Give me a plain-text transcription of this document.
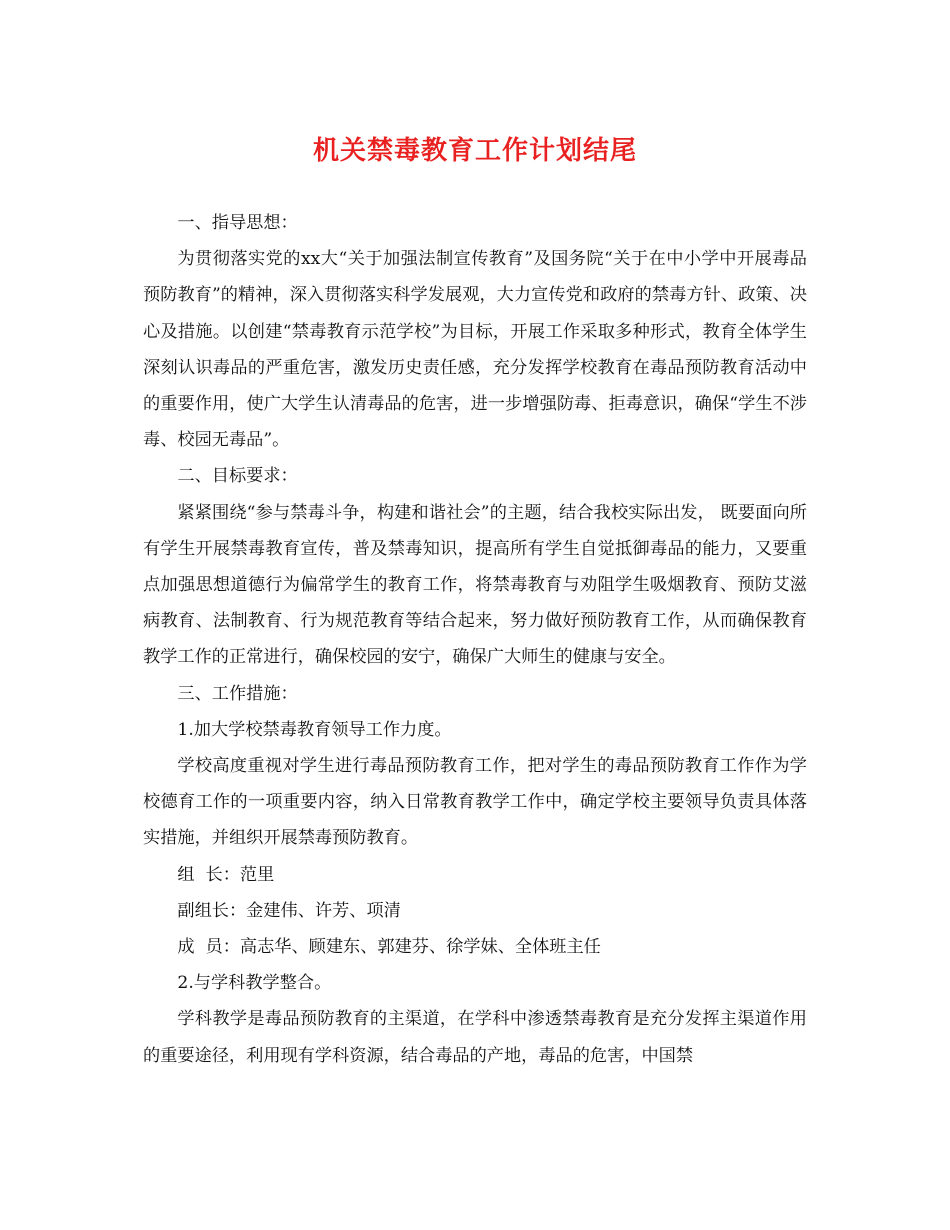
机关禁毒教育工作计划结尾

一、指导思想：

为贯彻落实党的xx大“关于加强法制宣传教育”及国务院“关于在中小学中开展毒品预防教育”的精神，深入贯彻落实科学发展观，大力宣传党和政府的禁毒方针、政策、决心及措施。以创建“禁毒教育示范学校”为目标，开展工作采取多种形式，教育全体学生深刻认识毒品的严重危害，激发历史责任感，充分发挥学校教育在毒品预防教育活动中的重要作用，使广大学生认清毒品的危害，进一步增强防毒、拒毒意识，确保“学生不涉毒、校园无毒品”。

二、目标要求：

紧紧围绕“参与禁毒斗争，构建和谐社会”的主题，结合我校实际出发， 既要面向所有学生开展禁毒教育宣传，普及禁毒知识，提高所有学生自觉抵御毒品的能力，又要重点加强思想道德行为偏常学生的教育工作，将禁毒教育与劝阻学生吸烟教育、预防艾滋病教育、法制教育、行为规范教育等结合起来，努力做好预防教育工作，从而确保教育教学工作的正常进行，确保校园的安宁，确保广大师生的健康与安全。

三、工作措施：

1.加大学校禁毒教育领导工作力度。

学校高度重视对学生进行毒品预防教育工作，把对学生的毒品预防教育工作作为学校德育工作的一项重要内容，纳入日常教育教学工作中，确定学校主要领导负责具体落实措施，并组织开展禁毒预防教育。

组  长：范里

副组长：金建伟、许芳、项清

成  员：高志华、顾建东、郭建芬、徐学妹、全体班主任

2.与学科教学整合。

学科教学是毒品预防教育的主渠道，在学科中渗透禁毒教育是充分发挥主渠道作用的重要途径，利用现有学科资源，结合毒品的产地，毒品的危害，中国禁
